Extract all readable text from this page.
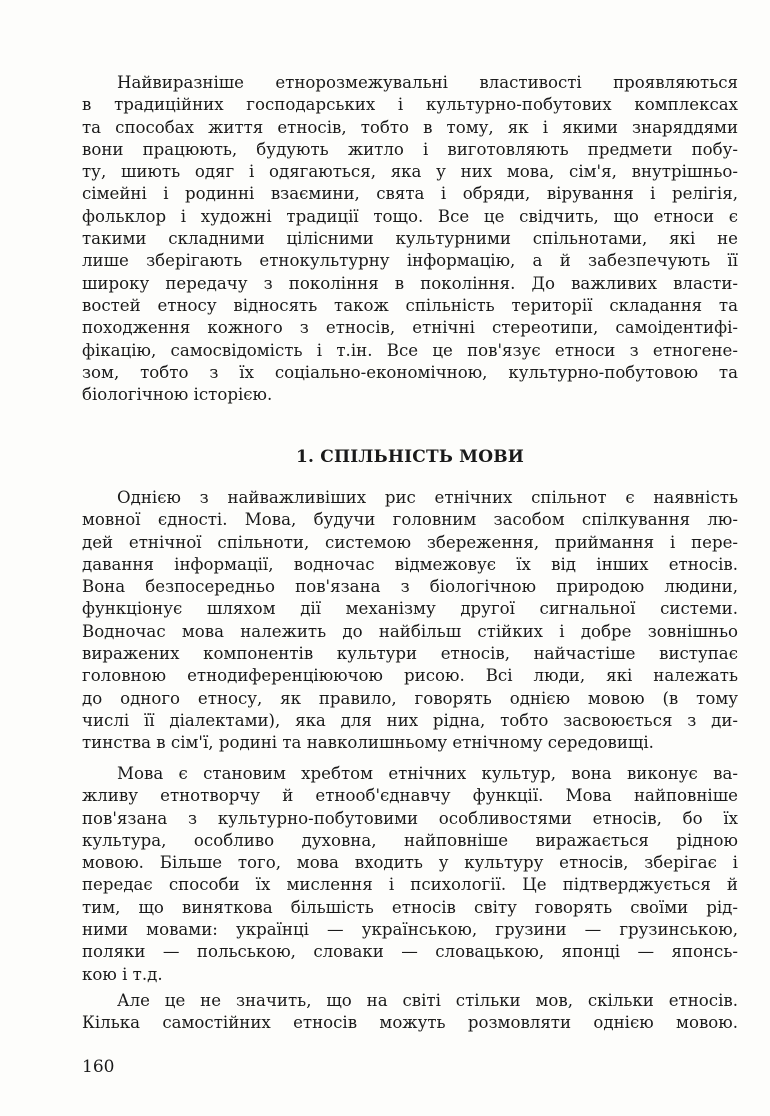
Найвиразніше етнорозмежувальні властивості проявляються
в традиційних господарських і культурно-побутових комплексах
та способах життя етносів, тобто в тому, як і якими знаряддями
вони працюють, будують житло і виготовляють предмети побу-
ту, шиють одяг і одягаються, яка у них мова, сім'я, внутрішньо-
сімейні і родинні взаємини, свята і обряди, вірування і релігія,
фольклор і художні традиції тощо. Все це свідчить, що етноси є
такими складними цілісними культурними спільнотами, які не
лише зберігають етнокультурну інформацію, а й забезпечують її
широку передачу з покоління в покоління. До важливих власти-
востей етносу відносять також спільність території складання та
походження кожного з етносів, етнічні стереотипи, самоідентифі-
фікацію, самосвідомість і т.ін. Все це пов'язує етноси з етногене-
зом, тобто з їх соціально-економічною, культурно-побутовою та
біологічною історією.
1. СПІЛЬНІСТЬ МОВИ
Однією з найважливіших рис етнічних спільнот є наявність
мовної єдності. Мова, будучи головним засобом спілкування лю-
дей етнічної спільноти, системою збереження, приймання і пере-
давання інформації, водночас відмежовує їх від інших етносів.
Вона безпосередньо пов'язана з біологічною природою людини,
функціонує шляхом дії механізму другої сигнальної системи.
Водночас мова належить до найбільш стійких і добре зовнішньо
виражених компонентів культури етносів, найчастіше виступає
головною етнодиференціюючою рисою. Всі люди, які належать
до одного етносу, як правило, говорять однією мовою (в тому
числі її діалектами), яка для них рідна, тобто засвоюється з ди-
тинства в сім'ї, родині та навколишньому етнічному середовищі.
Мова є становим хребтом етнічних культур, вона виконує ва-
жливу етнотворчу й етнооб'єднавчу функції. Мова найповніше
пов'язана з культурно-побутовими особливостями етносів, бо їх
культура, особливо духовна, найповніше виражається рідною
мовою. Більше того, мова входить у культуру етносів, зберігає і
передає способи їх мислення і психології. Це підтверджується й
тим, що виняткова більшість етносів світу говорять своїми рід-
ними мовами: українці — українською, грузини — грузинською,
поляки — польською, словаки — словацькою, японці — японсь-
кою і т.д.
Але це не значить, що на світі стільки мов, скільки етносів.
Кілька самостійних етносів можуть розмовляти однією мовою.
160
